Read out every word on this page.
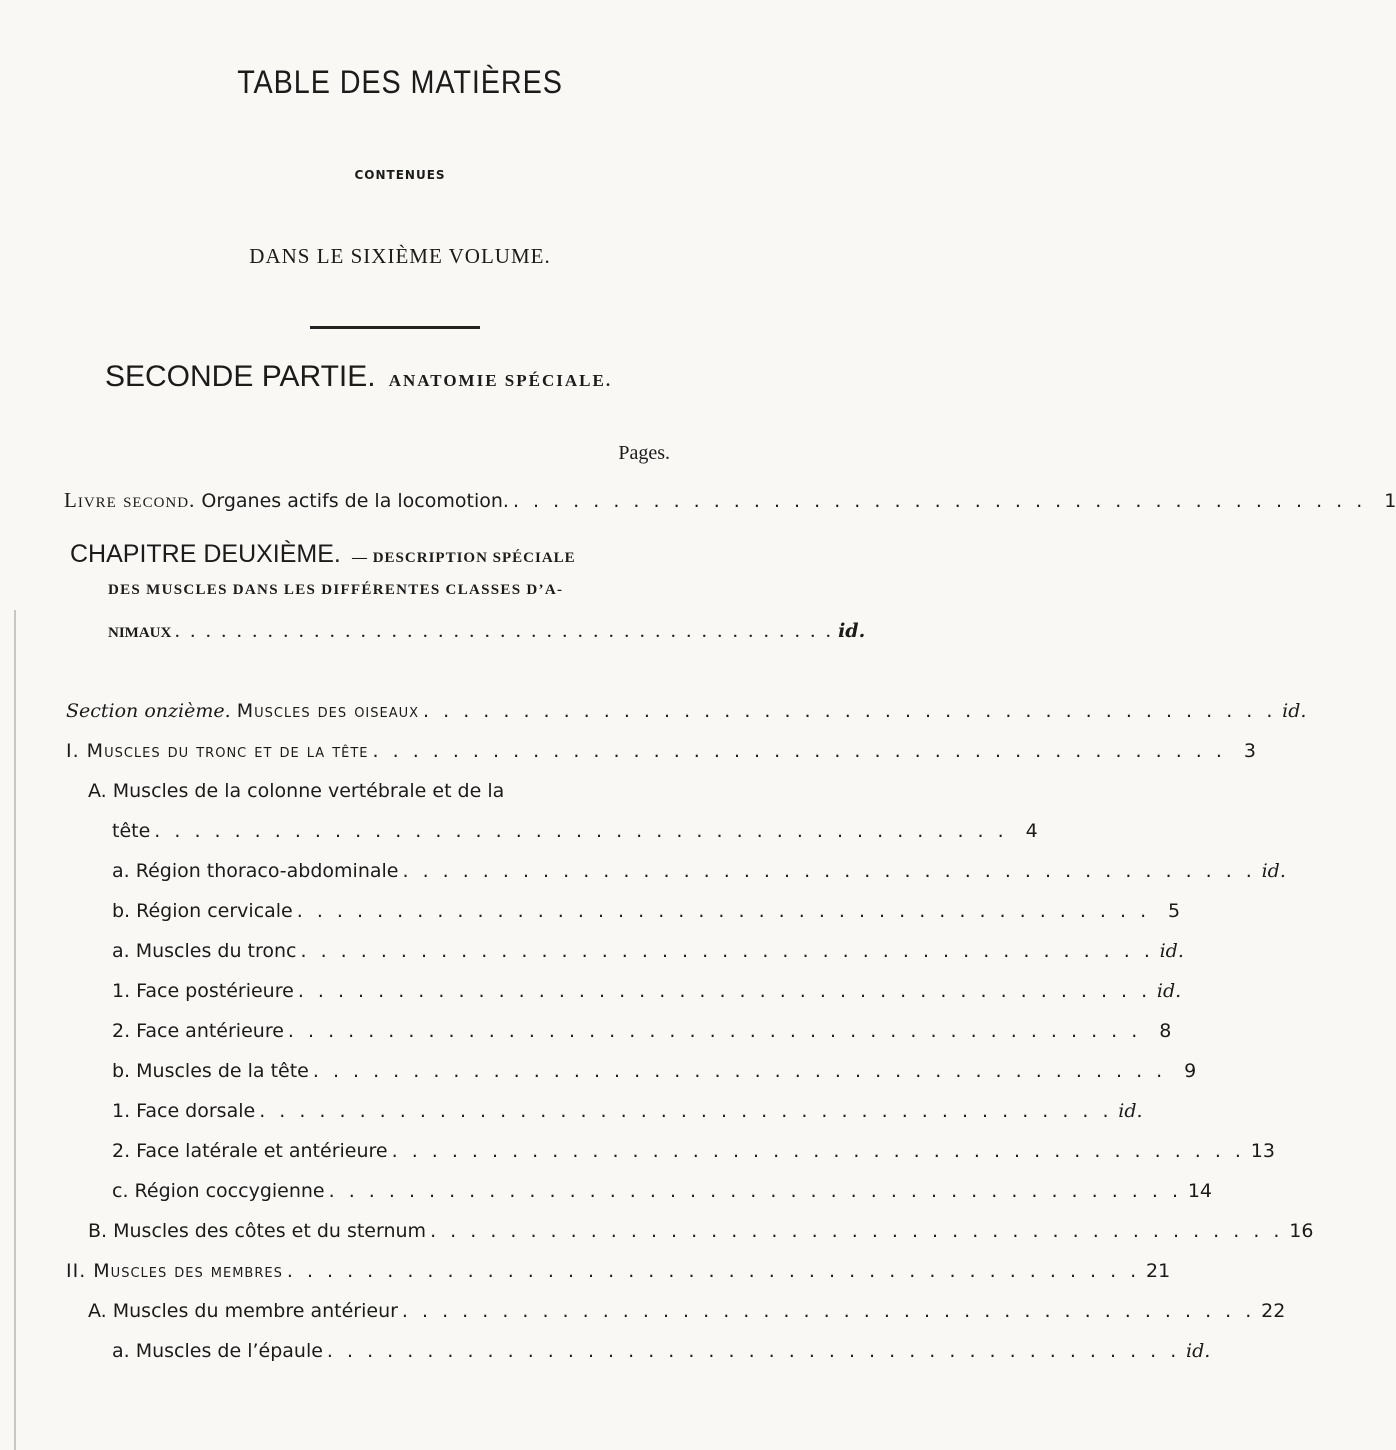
TABLE DES MATIÈRES
CONTENUES
DANS LE SIXIÈME VOLUME.
SECONDE PARTIE. ANATOMIE SPÉCIALE.
Pages.
Livre second. Organes actifs de la locomotion. . . . . . . . . . . . . . . . . . . . . . . . . . . . . . . . . . . . . . . . . . . . 1
CHAPITRE DEUXIÈME. — DESCRIPTION SPÉCIALE
DES MUSCLES DANS LES DIFFÉRENTES CLASSES D’A-
NIMAUX . . . . . . . . . . . . . . . . . . . . . . . . . . . . . . . . . . . . . . . . . . . id.
Section onzième. Muscles des oiseaux . . . . . . . . . . . . . . . . . . . . . . . . . . . . . . . . . . . . . . . . . . . id.
I. Muscles du tronc et de la tête . . . . . . . . . . . . . . . . . . . . . . . . . . . . . . . . . . . . . . . . . . . 3
A. Muscles de la colonne vertébrale et de la
tête . . . . . . . . . . . . . . . . . . . . . . . . . . . . . . . . . . . . . . . . . . . 4
a. Région thoraco-abdominale . . . . . . . . . . . . . . . . . . . . . . . . . . . . . . . . . . . . . . . . . . . id.
b. Région cervicale . . . . . . . . . . . . . . . . . . . . . . . . . . . . . . . . . . . . . . . . . . . 5
a. Muscles du tronc . . . . . . . . . . . . . . . . . . . . . . . . . . . . . . . . . . . . . . . . . . . id.
1. Face postérieure . . . . . . . . . . . . . . . . . . . . . . . . . . . . . . . . . . . . . . . . . . . id.
2. Face antérieure . . . . . . . . . . . . . . . . . . . . . . . . . . . . . . . . . . . . . . . . . . . 8
b. Muscles de la tête . . . . . . . . . . . . . . . . . . . . . . . . . . . . . . . . . . . . . . . . . . . 9
1. Face dorsale . . . . . . . . . . . . . . . . . . . . . . . . . . . . . . . . . . . . . . . . . . . id.
2. Face latérale et antérieure . . . . . . . . . . . . . . . . . . . . . . . . . . . . . . . . . . . . . . . . . . . 13
c. Région coccygienne . . . . . . . . . . . . . . . . . . . . . . . . . . . . . . . . . . . . . . . . . . . 14
B. Muscles des côtes et du sternum . . . . . . . . . . . . . . . . . . . . . . . . . . . . . . . . . . . . . . . . . . . 16
II. Muscles des membres . . . . . . . . . . . . . . . . . . . . . . . . . . . . . . . . . . . . . . . . . . . 21
A. Muscles du membre antérieur . . . . . . . . . . . . . . . . . . . . . . . . . . . . . . . . . . . . . . . . . . . 22
a. Muscles de l’épaule . . . . . . . . . . . . . . . . . . . . . . . . . . . . . . . . . . . . . . . . . . . id.
